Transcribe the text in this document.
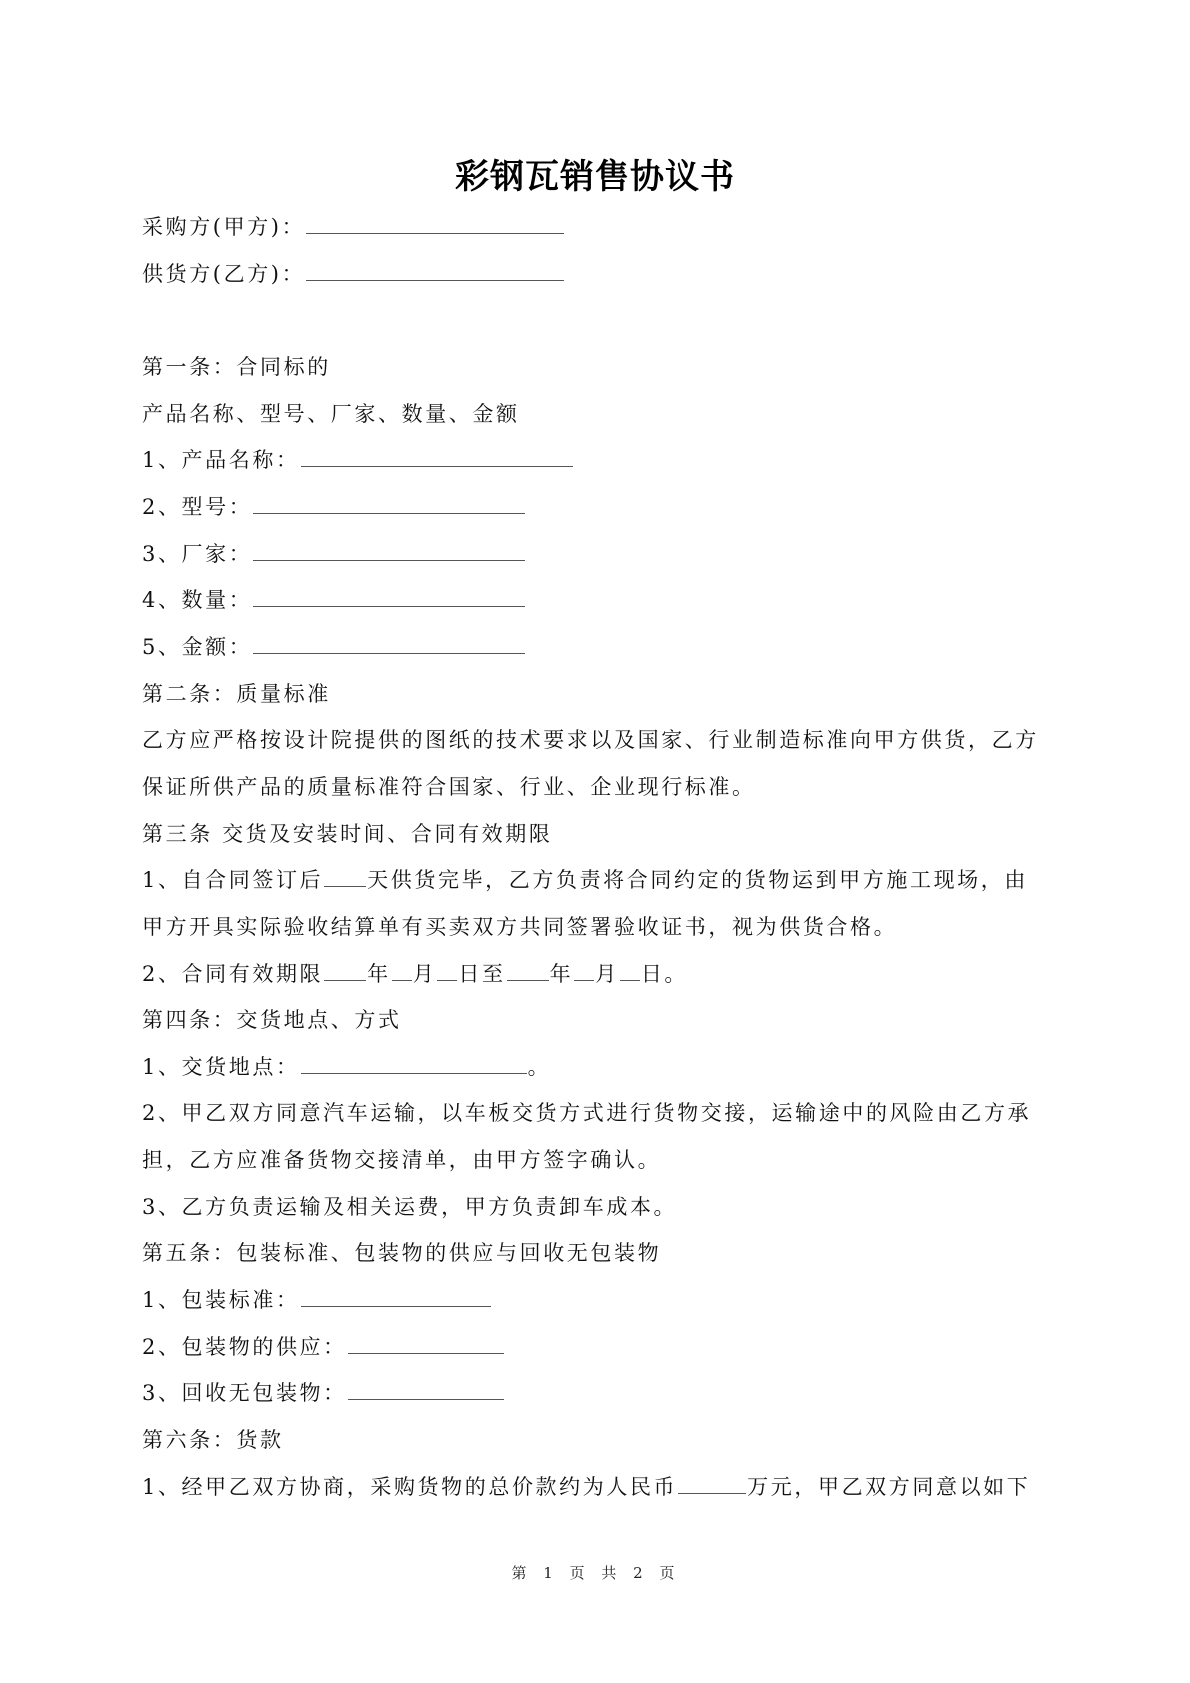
彩钢瓦销售协议书
采购方(甲方)：
供货方(乙方)：
第一条：合同标的
产品名称、型号、厂家、数量、金额
1、产品名称：
2、型号：
3、厂家：
4、数量：
5、金额：
第二条：质量标准
乙方应严格按设计院提供的图纸的技术要求以及国家、行业制造标准向甲方供货，乙方
保证所供产品的质量标准符合国家、行业、企业现行标准。
第三条 交货及安装时间、合同有效期限
1、自合同签订后 天供货完毕，乙方负责将合同约定的货物运到甲方施工现场，由
甲方开具实际验收结算单有买卖双方共同签署验收证书，视为供货合格。
2、合同有效期限 年 月 日至 年 月 日。
第四条：交货地点、方式
1、交货地点：	。
2、甲乙双方同意汽车运输，以车板交货方式进行货物交接，运输途中的风险由乙方承
担，乙方应准备货物交接清单，由甲方签字确认。
3、乙方负责运输及相关运费，甲方负责卸车成本。
第五条：包装标准、包装物的供应与回收无包装物
1、包装标准：
2、包装物的供应：
3、回收无包装物：
第六条：货款
1、经甲乙双方协商，采购货物的总价款约为人民币	万元，甲乙双方同意以如下
第 1 页 共 2 页
